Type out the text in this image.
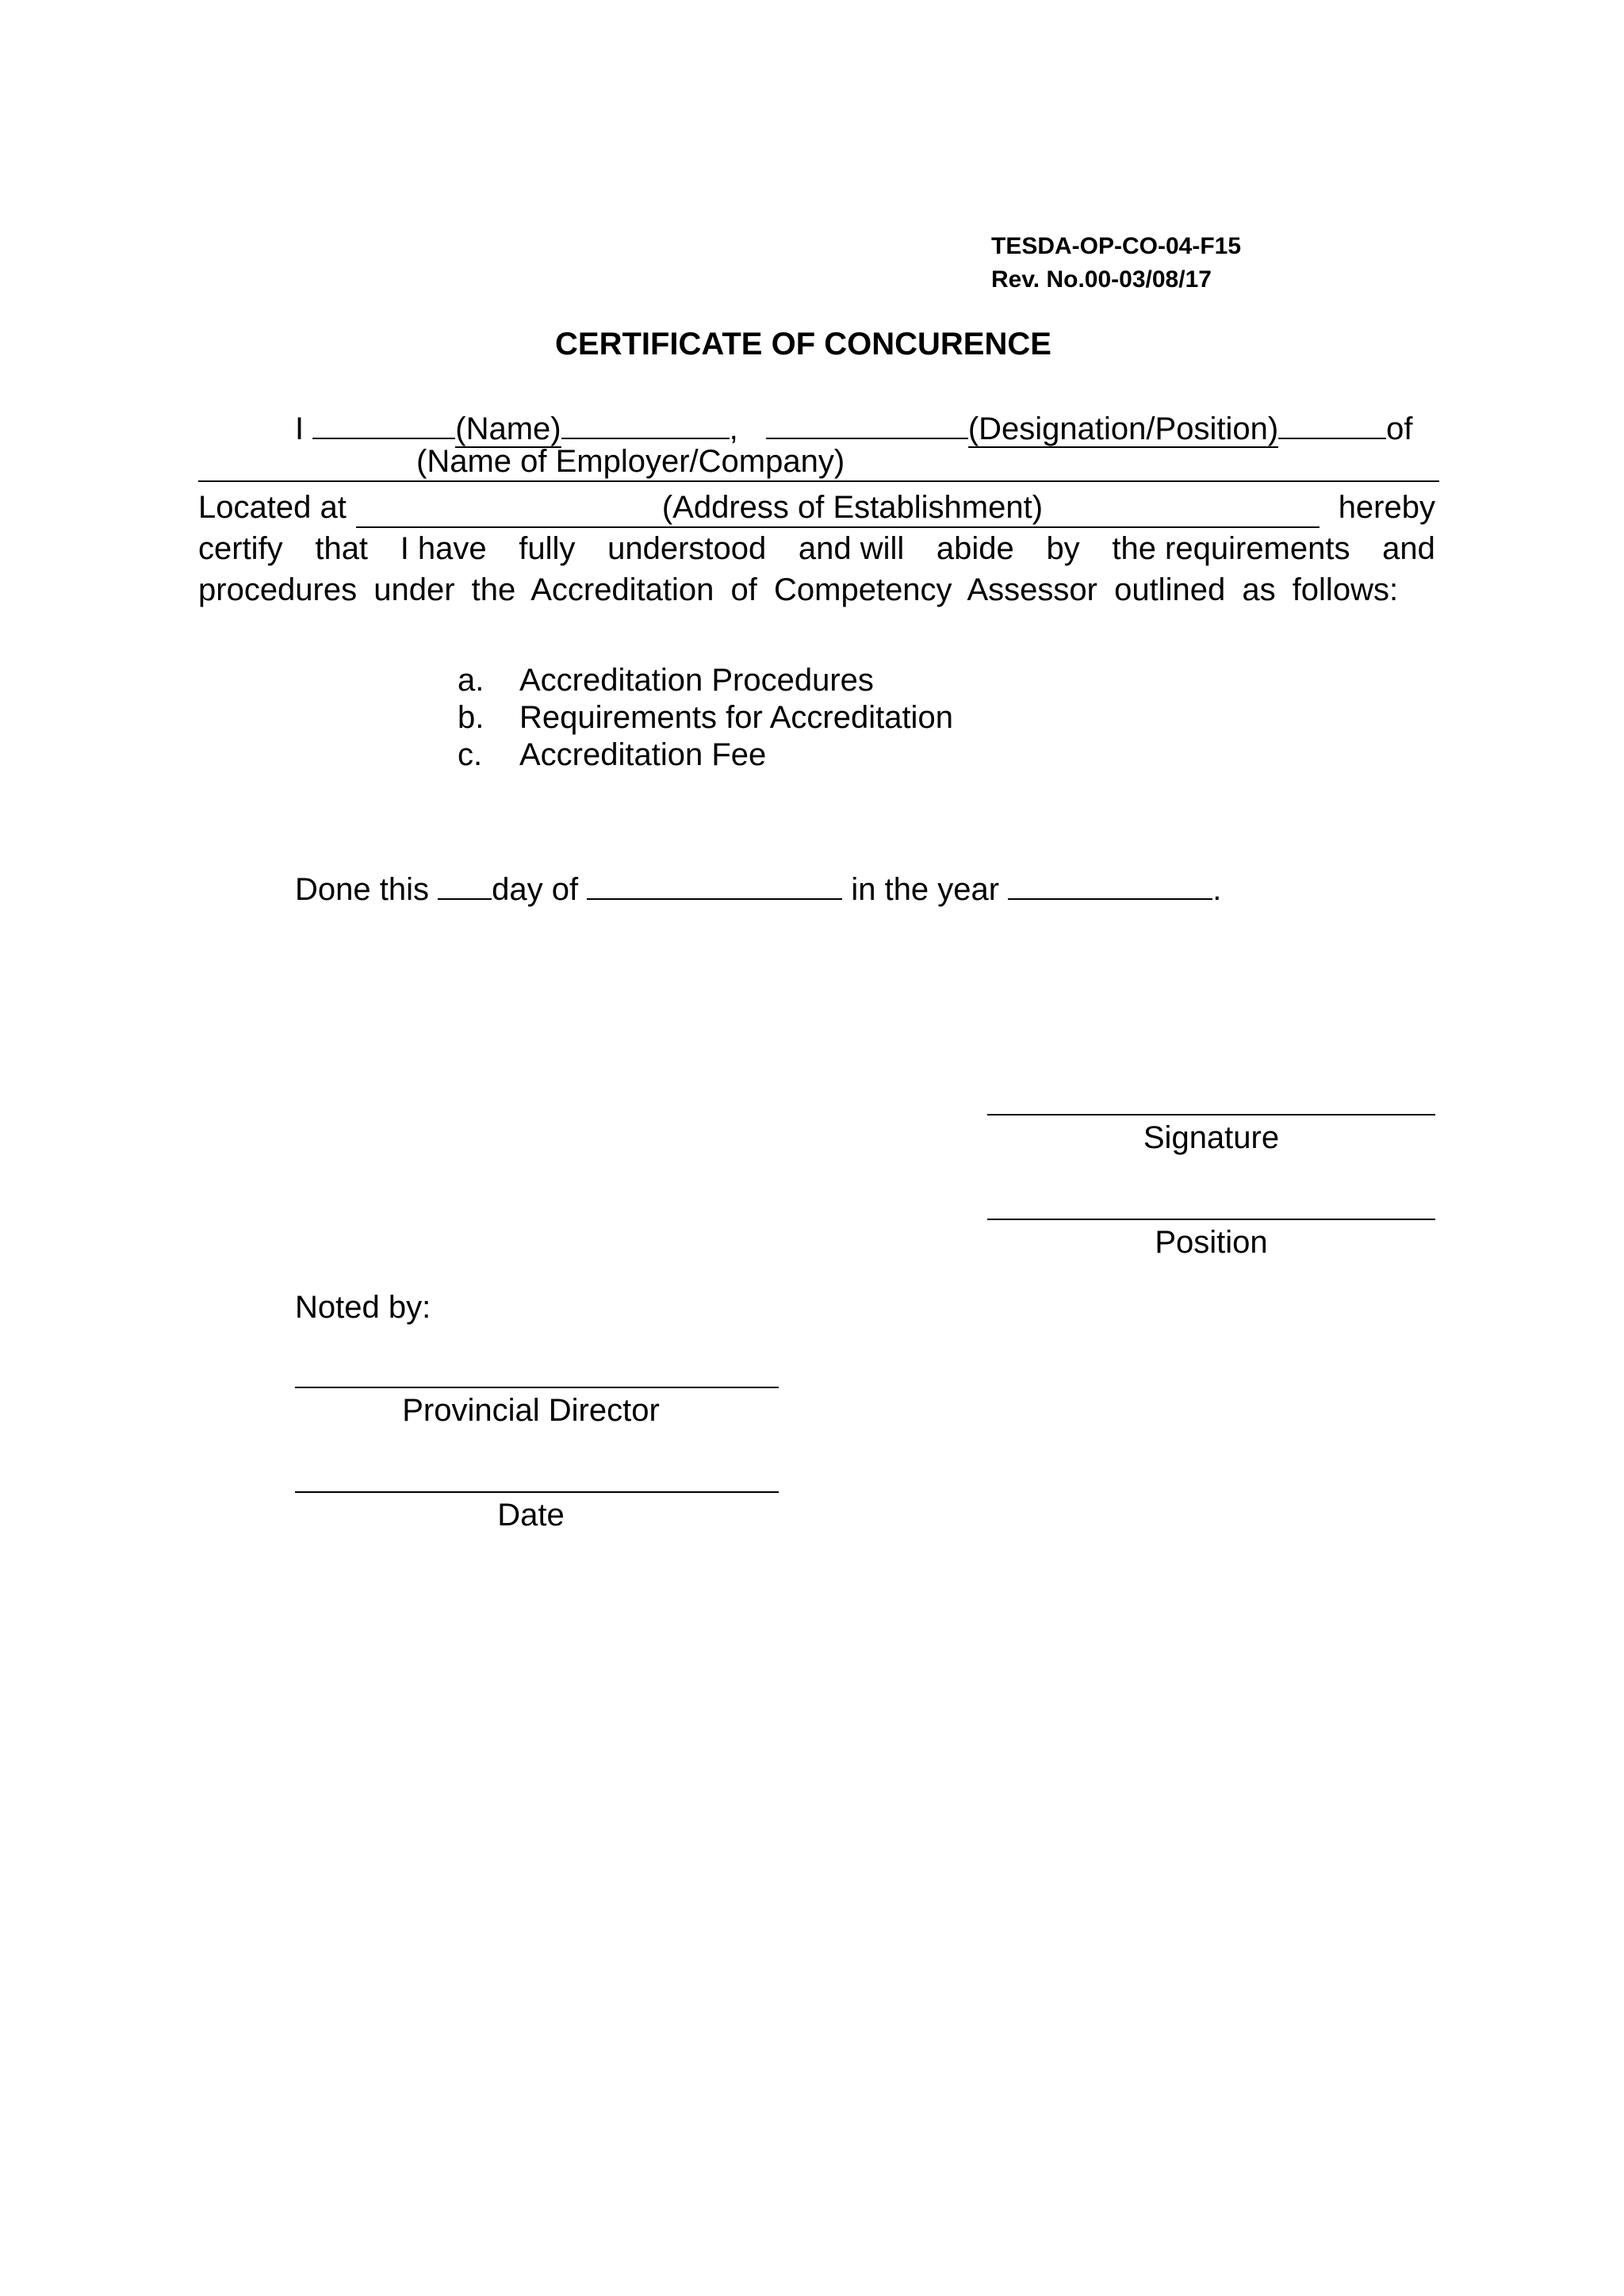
TESDA-OP-CO-04-F15
Rev. No.00-03/08/17
CERTIFICATE OF CONCURENCE
I	(Name)	,	(Designation/Position)	of
(Name of Employer/Company)
Located at	(Address of Establishment)	hereby
certify that I have fully understood and will abide by the requirements and
procedures under the Accreditation of Competency Assessor outlined as follows:
a. Accreditation Procedures
b. Requirements for Accreditation
c. Accreditation Fee
Done this day of	in the year	.
Signature
Position
Noted by:
Provincial Director
Date
